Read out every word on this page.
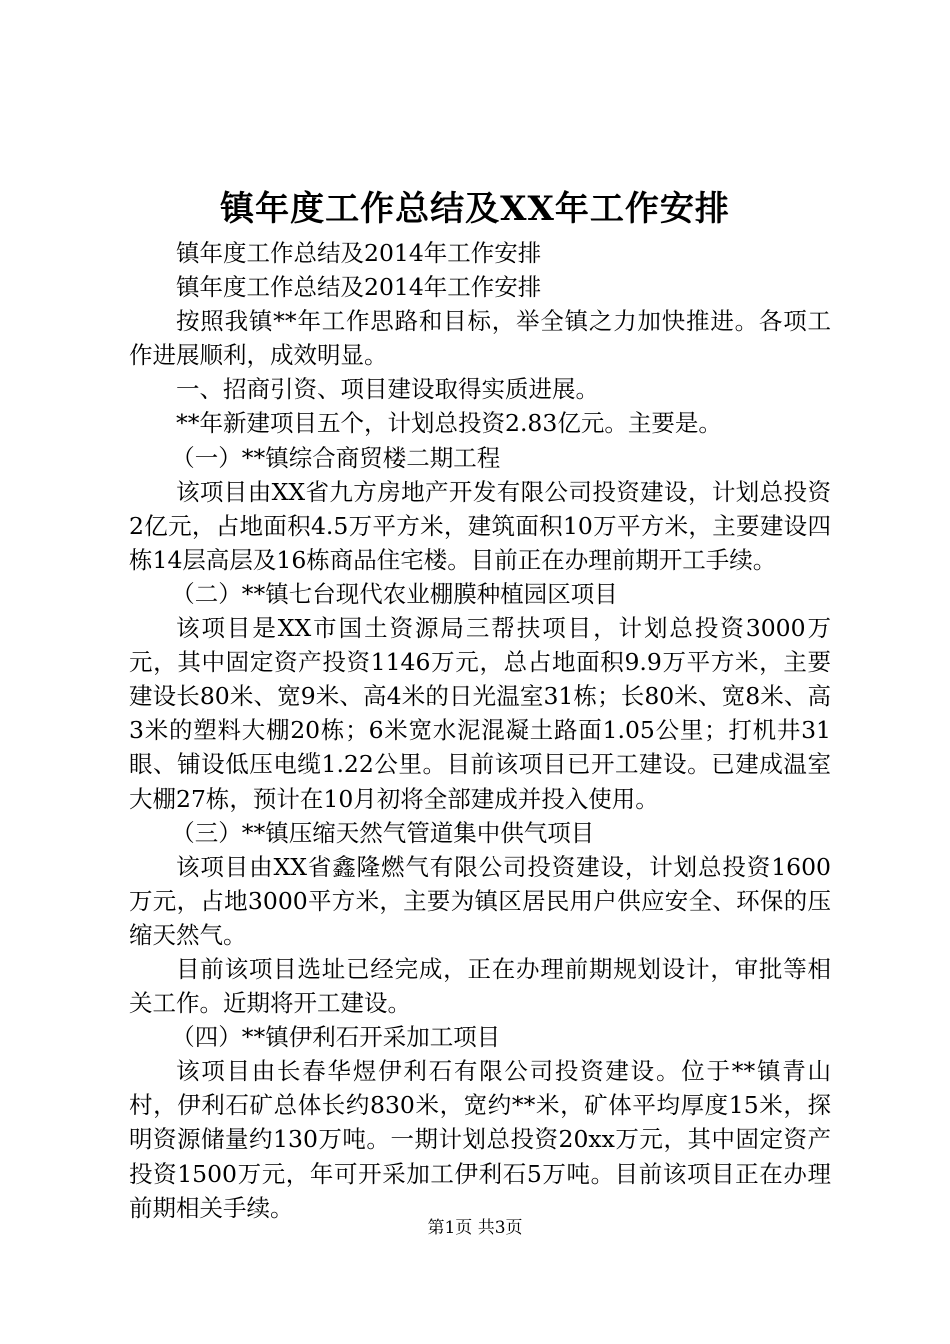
镇年度工作总结及XX年工作安排

镇年度工作总结及2014年工作安排

镇年度工作总结及2014年工作安排

按照我镇**年工作思路和目标，举全镇之力加快推进。各项工作进展顺利，成效明显。

一、招商引资、项目建设取得实质进展。

**年新建项目五个，计划总投资2.83亿元。主要是。

（一）**镇综合商贸楼二期工程

该项目由XX省九方房地产开发有限公司投资建设，计划总投资2亿元，占地面积4.5万平方米，建筑面积10万平方米，主要建设四栋14层高层及16栋商品住宅楼。目前正在办理前期开工手续。

（二）**镇七台现代农业棚膜种植园区项目

该项目是XX市国土资源局三帮扶项目，计划总投资3000万元，其中固定资产投资1146万元，总占地面积9.9万平方米，主要建设长80米、宽9米、高4米的日光温室31栋；长80米、宽8米、高3米的塑料大棚20栋；6米宽水泥混凝土路面1.05公里；打机井31眼、铺设低压电缆1.22公里。目前该项目已开工建设。已建成温室大棚27栋，预计在10月初将全部建成并投入使用。

（三）**镇压缩天然气管道集中供气项目

该项目由XX省鑫隆燃气有限公司投资建设，计划总投资1600万元，占地3000平方米，主要为镇区居民用户供应安全、环保的压缩天然气。

目前该项目选址已经完成，正在办理前期规划设计，审批等相关工作。近期将开工建设。

（四）**镇伊利石开采加工项目

该项目由长春华煜伊利石有限公司投资建设。位于**镇青山村，伊利石矿总体长约830米，宽约**米，矿体平均厚度15米，探明资源储量约130万吨。一期计划总投资20xx万元，其中固定资产投资1500万元，年可开采加工伊利石5万吨。目前该项目正在办理前期相关手续。

第1页 共3页
